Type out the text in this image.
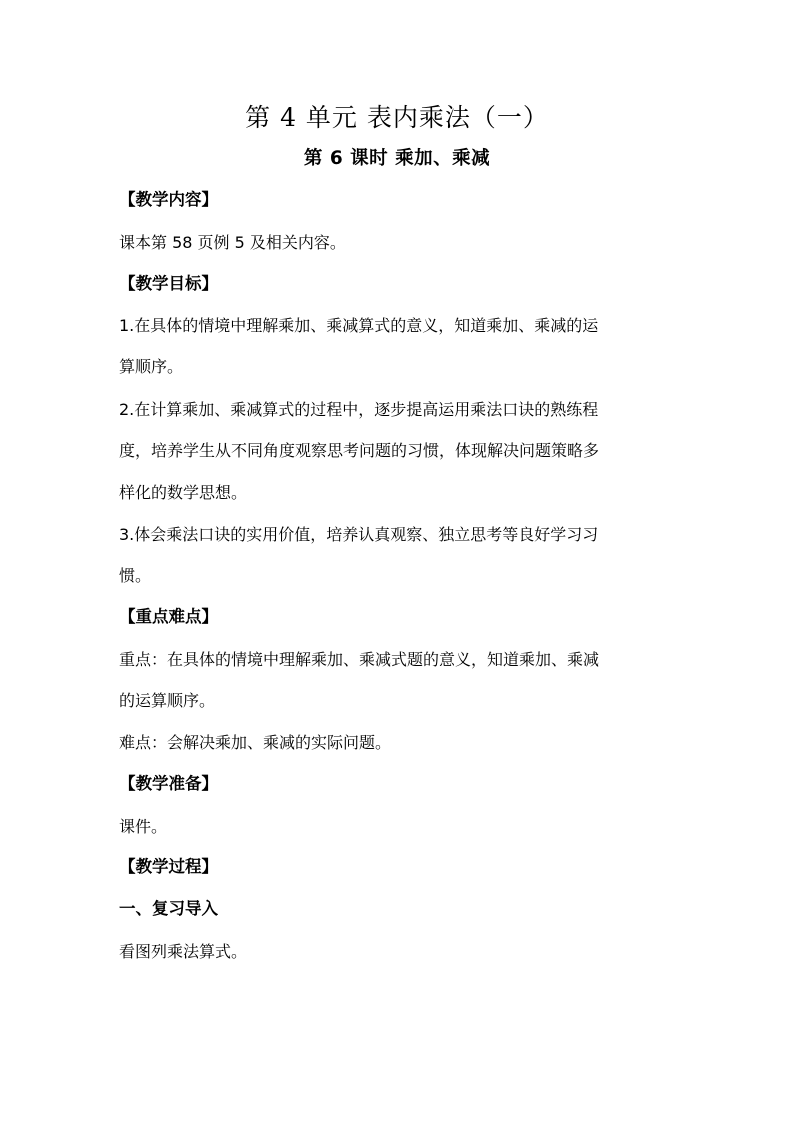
第 4 单元 表内乘法（一）
第 6 课时 乘加、乘减
【教学内容】
课本第 58 页例 5 及相关内容。
【教学目标】
1.在具体的情境中理解乘加、乘减算式的意义，知道乘加、乘减的运
算顺序。
2.在计算乘加、乘减算式的过程中，逐步提高运用乘法口诀的熟练程
度，培养学生从不同角度观察思考问题的习惯，体现解决问题策略多
样化的数学思想。
3.体会乘法口诀的实用价值，培养认真观察、独立思考等良好学习习
惯。
【重点难点】
重点：在具体的情境中理解乘加、乘减式题的意义，知道乘加、乘减
的运算顺序。
难点：会解决乘加、乘减的实际问题。
【教学准备】
课件。
【教学过程】
一、复习导入
看图列乘法算式。
